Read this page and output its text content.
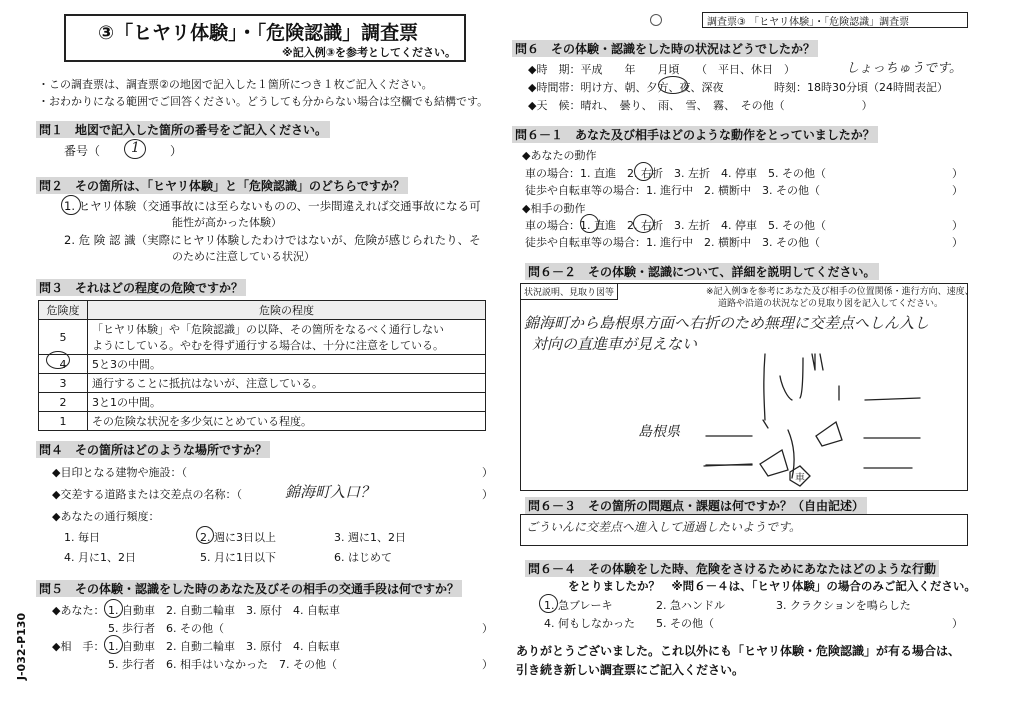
③「ヒヤリ体験」・「危険認識」調査票
※記入例③を参考としてください。
調査票③ 「ヒヤリ体験」・「危険認識」調査票
J-032-P130
・この調査票は、調査票②の地図で記入した１箇所につき１枚ご記入ください。
・おわかりになる範囲でご回答ください。どうしても分からない場合は空欄でも結構です。
問１　地図で記入した箇所の番号をご記入ください。
番号（ 1	）
問２　その箇所は、「ヒヤリ体験」と「危険認識」のどちらですか？
1. ヒヤリ体験（交通事故には至らないものの、一歩間違えれば交通事故になる可
能性が高かった体験）
2. 危 険 認 識（実際にヒヤリ体験したわけではないが、危険が感じられたり、そ
のために注意している状況）
問３　それはどの程度の危険ですか？
危険度	危険の程度
5	「ヒヤリ体験」や「危険認識」の以降、その箇所をなるべく通行しない
ようにしている。やむを得ず通行する場合は、十分に注意をしている。

4	5と3の中間。
3	通行することに抵抗はないが、注意している。
2	3と1の中間。
1	その危険な状況を多少気にとめている程度。
問４　その箇所はどのような場所ですか？
◆目印となる建物や施設：（	）
◆交差する道路または交差点の名称：（	錦海町入口？	）
◆あなたの通行頻度：
1. 毎日	2. 週に3日以上	3. 週に1、2日
4. 月に1、2日	5. 月に1日以下	6. はじめて
問５　その体験・認識をした時のあなた及びその相手の交通手段は何ですか？
◆あなた： 1. 自動車　2. 自動二輪車　3. 原付　4. 自転車
5. 歩行者　6. その他（	）
◆相　手： 1. 自動車　2. 自動二輪車　3. 原付　4. 自転車
5. 歩行者　6. 相手はいなかった　7. その他（	）
問６　その体験・認識をした時の状況はどうでしたか？
◆時　期：平成　　年　　月頃　　（　平日、休日　）	しょっちゅうです。
◆時間帯：明け方、朝、夕方、夜、深夜	時刻：18時30分頃（24時間表記）
◆天　候：晴れ、　曇り、　雨、　雪、　霧、　その他（　　　　　　　）
問６－１　あなた及び相手はどのような動作をとっていましたか？
◆あなたの動作
車の場合：1. 直進　2. 右折　3. 左折　4. 停車　5. その他（	）
徒歩や自転車等の場合：1. 進行中　2. 横断中　3. その他（	）
◆相手の動作
車の場合：1. 直進　2. 右折　3. 左折　4. 停車　5. その他（	）
徒歩や自転車等の場合：1. 進行中　2. 横断中　3. その他（	）
問６－２　その体験・認識について、詳細を説明してください。
状況説明、見取り図等	※記入例③を参考にあなた及び相手の位置関係・進行方向、速度、
道路や沿道の状況などの見取り図を記入してください。
錦海町から島根県方面へ右折のため無理に交差点へしん入し
対向の直進車が見えない
島根県
車
問６－３　その箇所の問題点・課題は何ですか？（自由記述）
ごういんに交差点へ進入して通過したいようです。
問６－４　その体験をした時、危険をさけるためにあなたはどのような行動
をとりましたか？　※問６－４は、「ヒヤリ体験」の場合のみご記入ください。
1. 急ブレーキ	2. 急ハンドル	3. クラクションを鳴らした
4. 何もしなかった 5. その他（	）
ありがとうございました。これ以外にも「ヒヤリ体験・危険認識」が有る場合は、
引き続き新しい調査票にご記入ください。
